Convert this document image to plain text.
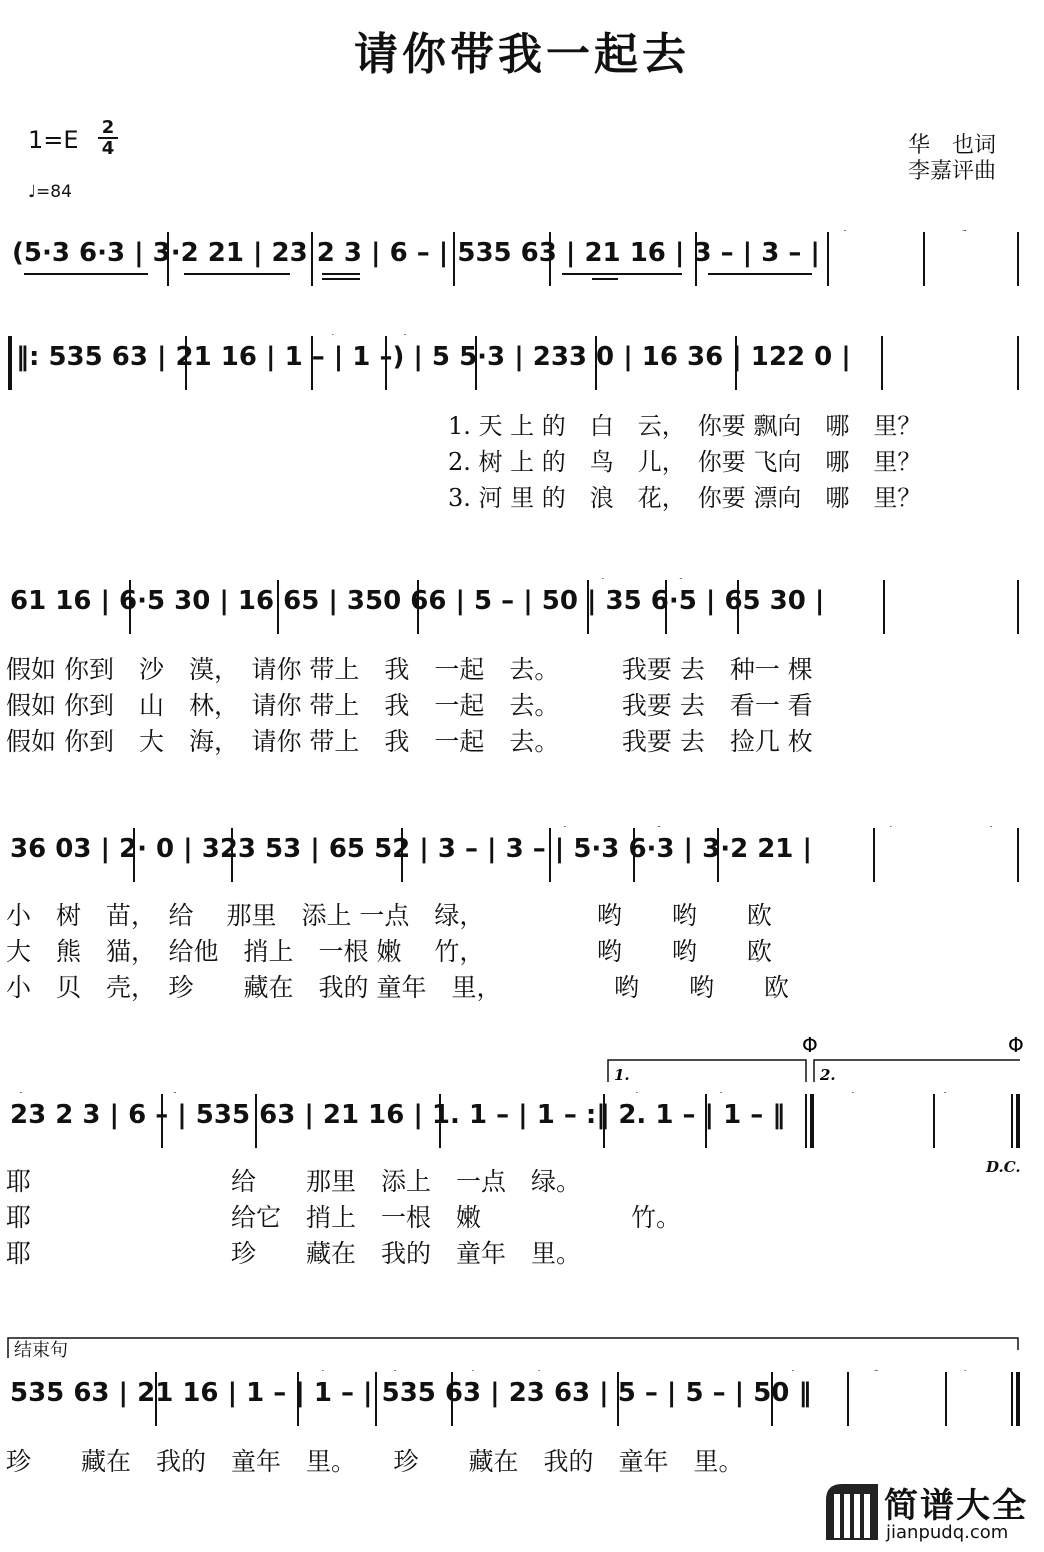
请你带我一起去
1=E 2
4
♩=84
华　也词
李嘉评曲
(5·3 6·3 | 3·2 21 | 23 2 3 | 6 – | 535 63 | 21 16 | 3 – | 3 – |
‖: 535 63 | 21 16 | 1 – | 1 –) | 5 5·3 | 233 0 | 16 36 | 122 0 |
1. 天 上 的　白　云，　你要 飘向　哪　里？
2. 树 上 的　鸟　儿，　你要 飞向　哪　里？
3. 河 里 的　浪　花，　你要 漂向　哪　里？
61 16 | 6·5 30 | 16 65 | 350 66 | 5 – | 50 | 35 6·5 | 65 30 |
假如 你到　沙　漠，　请你 带上　我　一起　去。　　　我要 去　种一 棵
假如 你到　山　林，　请你 带上　我　一起　去。　　　我要 去　看一 看
假如 你到　大　海，　请你 带上　我　一起　去。　　　我要 去　捡几 枚
36 03 | 2· 0 | 323 53 | 65 52 | 3 – | 3 – | 5·3 6·3 | 3·2 21 |
小　树　苗，　给　 那里　添上 一点　绿，　　　　　哟　　哟　　欧
大　熊　猫，　给他　捎上　一根 嫩　 竹，　　　　　哟　　哟　　欧
小　贝　壳，　珍　　藏在　我的 童年　里，　　　　　哟　　哟　　欧
1.	2.
Φ	Φ
23 2 3 | 6 – | 535 63 | 21 16 | 1. 1 – | 1 – :‖ 2. 1 – | 1 – ‖
D.C.
耶　　　　　　　　给　　那里　添上　一点　绿。
耶　　　　　　　　给它　捎上　一根　嫩　　　　　　竹。
耶　　　　　　　　珍　　藏在　我的　童年　里。
结束句
535 63 | 21 16 | 1 – | 1 – | 535 63 | 23 63 | 5 – | 5 – | 50 ‖
珍　　藏在　我的　童年　里。　　珍　　藏在　我的　童年　里。
简谱大全
jianpudq.com
